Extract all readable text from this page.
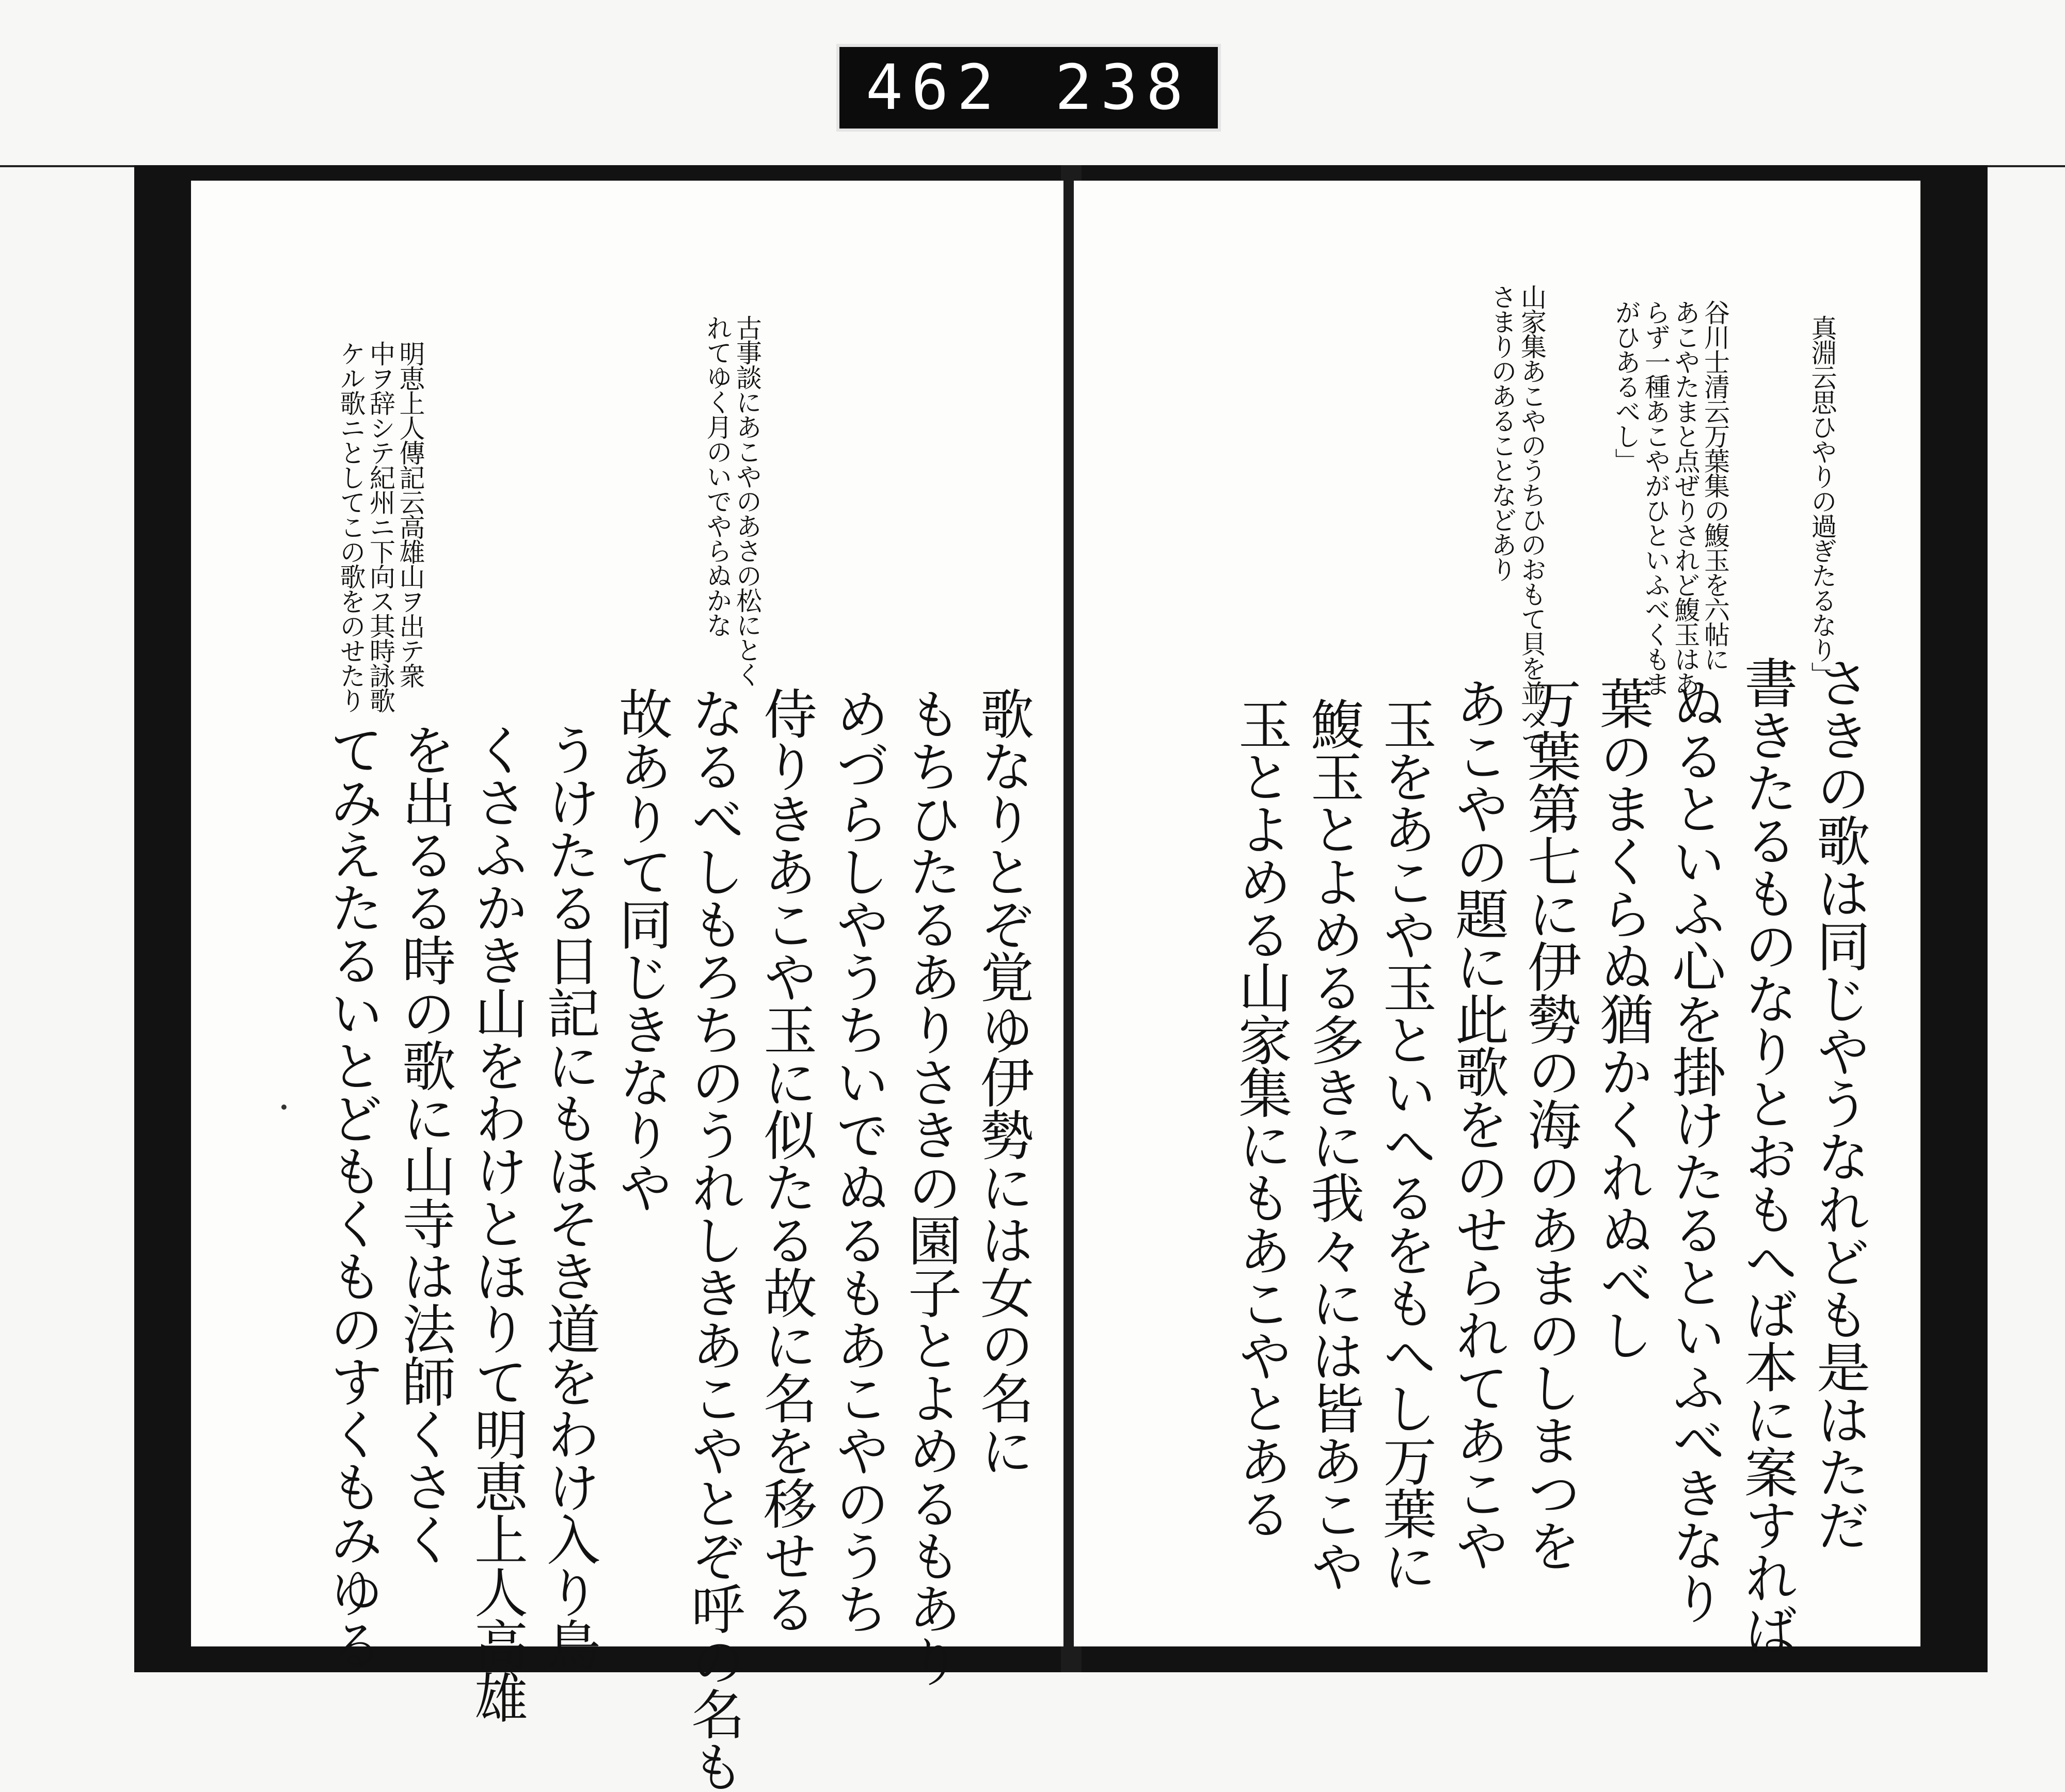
462 238
古事談にあこやのあさの松にとく
れてゆく月のいでやらぬかな
明恵上人傳記云高雄山ヲ出テ衆
中ヲ辞シテ紀州ニ下向ス其時詠歌
ケル歌ニとしてこの歌をのせたり
歌なりとぞ覚ゆ伊勢には女の名に
もちひたるありさきの園子とよめるもあり
めづらしやうちいでぬるもあこやのうち
侍りきあこや玉に似たる故に名を移せる
なるべしもろちのうれしきあこやとぞ呼の名も
故ありて同じきなりや
うけたる日記にもほそき道をわけ入り鳥
くさふかき山をわけとほりて明恵上人高雄
を出るる時の歌に山寺は法師くさく
てみえたるいとどもくものすくもみゆる
真淵云思ひやりの過ぎたるなり」
谷川士清云万葉集の鰒玉を六帖に
あこやたまと点ぜりされど鰒玉はあ
らず一種あこやがひといふべくもま
がひあるべし」
山家集あこやのうちひのおもて貝を並べて
さまりのあることなどあり
さきの歌は同じやうなれども是はただ
書きたるものなりとおもへば本に案すれば
ぬるといふ心を掛けたるといふべきなり
葉のまくらぬ猶かくれぬべし
万葉第七に伊勢の海のあまのしまつを
あこやの題に此歌をのせられてあこや
玉をあこや玉といへるをもへし万葉に
鰒玉とよめる多きに我々には皆あこや
玉とよめる山家集にもあこやとある
